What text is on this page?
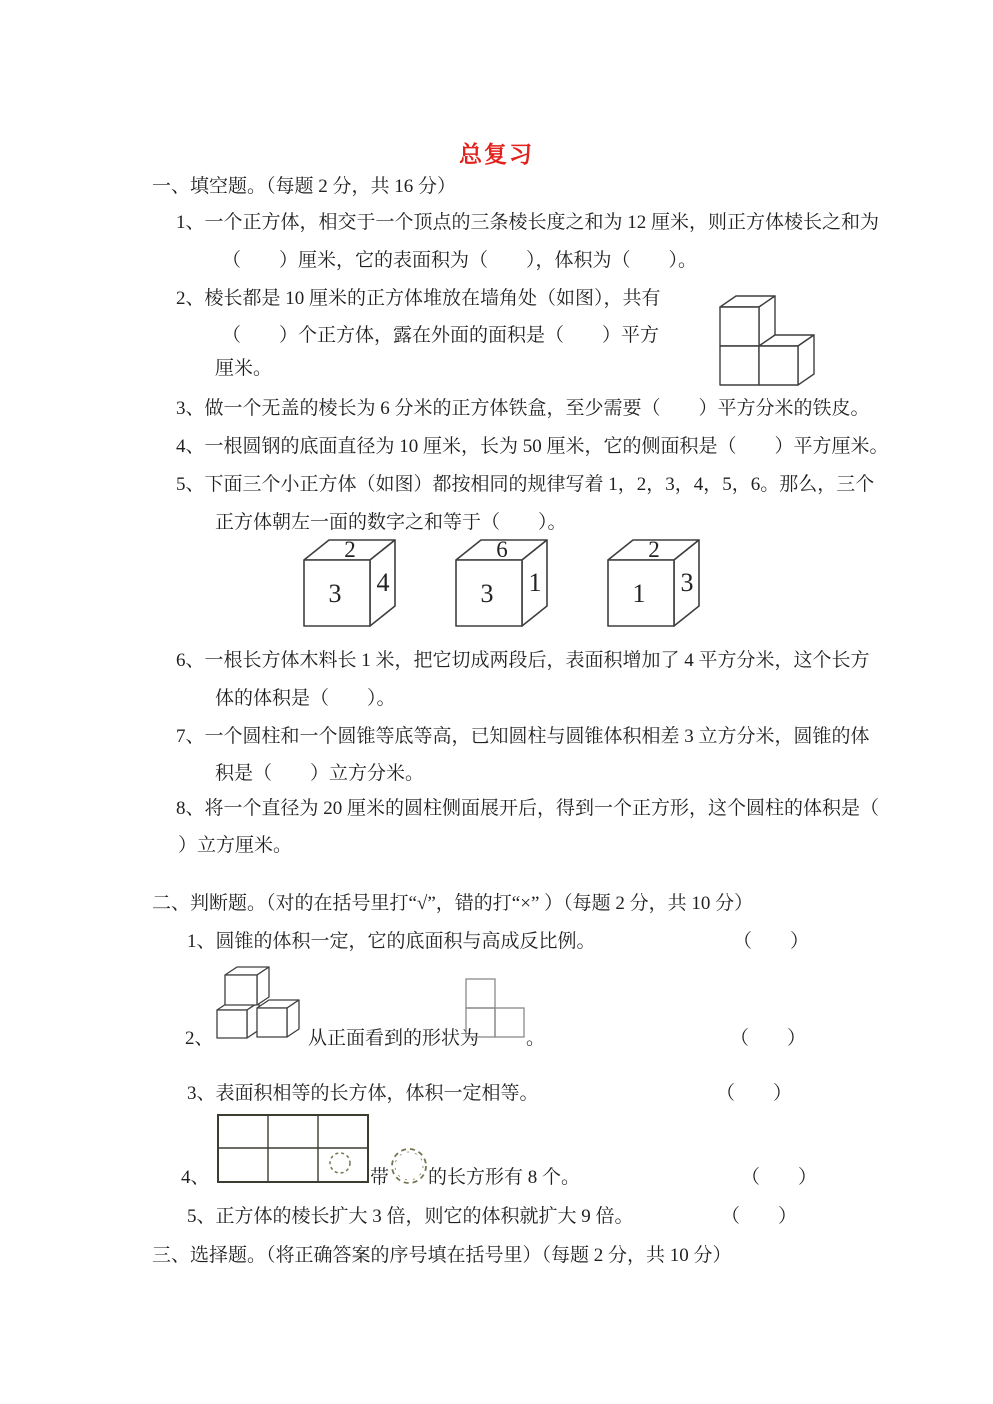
总复习
一、填空题。（每题 2 分，共 16 分）
1、一个正方体，相交于一个顶点的三条棱长度之和为 12 厘米，则正方体棱长之和为
（　　）厘米，它的表面积为（　　），体积为（　　）。
2、棱长都是 10 厘米的正方体堆放在墙角处（如图），共有
（　　）个正方体，露在外面的面积是（　　）平方
厘米。
3、做一个无盖的棱长为 6 分米的正方体铁盒，至少需要（　　）平方分米的铁皮。
4、一根圆钢的底面直径为 10 厘米，长为 50 厘米，它的侧面积是（　　）平方厘米。
5、下面三个小正方体（如图）都按相同的规律写着 1，2，3，4，5，6。那么，三个
正方体朝左一面的数字之和等于（　　）。
6、一根长方体木料长 1 米，把它切成两段后，表面积增加了 4 平方分米，这个长方
体的体积是（　　）。
7、一个圆柱和一个圆锥等底等高，已知圆柱与圆锥体积相差 3 立方分米，圆锥的体
积是（　　）立方分米。
8、将一个直径为 20 厘米的圆柱侧面展开后，得到一个正方形，这个圆柱的体积是（
）立方厘米。
2
3 4
6
3 1
2
1 3
二、判断题。（对的在括号里打“√”，错的打“×” ）（每题 2 分，共 10 分）
1、圆锥的体积一定，它的底面积与高成反比例。	（　　）
2、	从正面看到的形状为 。	（　　）
3、表面积相等的长方体，体积一定相等。	（　　）
4、	带 的长方形有 8 个。	（　　）
5、正方体的棱长扩大 3 倍，则它的体积就扩大 9 倍。	（　　）
三、选择题。（将正确答案的序号填在括号里）（每题 2 分，共 10 分）
